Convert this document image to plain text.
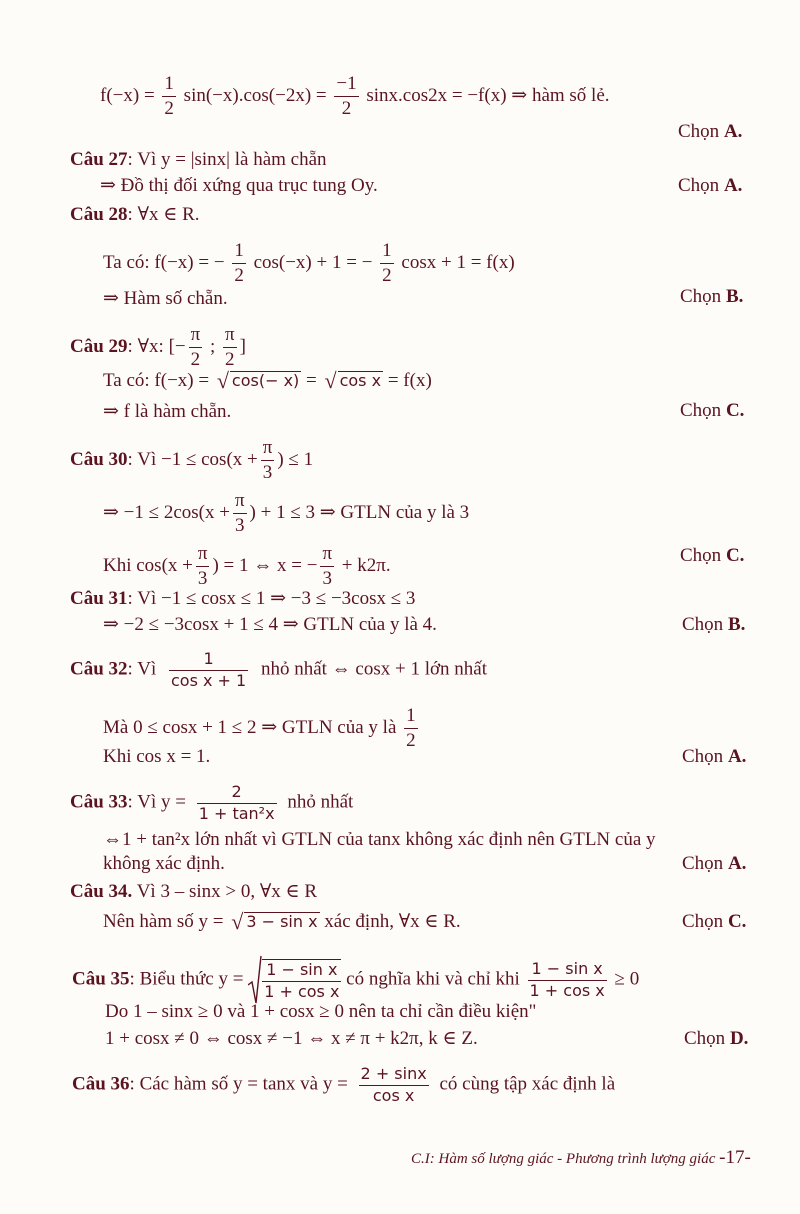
$f(-x) = \frac{1}{2} \sin(-x).\cos(-2x) = \frac{-1}{2} \sin x.\cos 2x = -f(x)$ ⇒ hàm số lẻ.
Chọn A.
Câu 27: Vì y = |sinx| là hàm chẵn
⇒ Đồ thị đối xứng qua trục tung Oy.	Chọn A.
Câu 28: ∀x ∈ R.
Ta có: f(−x) = − $\frac{1}{2} \cos(-x) + 1$ = − $\frac{1}{2}$ cosx + 1 = f(x)
⇒ Hàm số chẵn.	Chọn B.
Câu 29: ∀x: [− $\frac{\pi}{2}$ ; $\frac{\pi}{2}$ ]
Ta có: f(−x) = √ cos(− x) = √ cos x = f(x)
⇒ f là hàm chẵn.	Chọn C.
Câu 30: Vì $-1 \le \cos(x + \frac{\pi}{3}$ ) ≤ 1
⇒ $-1 \le 2\cos(x + \frac{\pi}{3}$ ) + 1 ≤ 3 ⇒ GTLN của y là 3
Khi $\cos(x + \frac{\pi}{3}$ ) = 1 ⇔ x = − $\frac{\pi}{3} + k2\pi$.	Chọn C.
Câu 31: Vì −1 ≤ cosx ≤ 1 ⇒ −3 ≤ −3cosx ≤ 3
⇒ −2 ≤ −3cosx + 1 ≤ 4 ⇒ GTLN của y là 4.	Chọn B.
Câu 32: Vì $\frac{1}{\text{cos x + 1}}$ nhỏ nhất ⇔ cosx + 1 lớn nhất
Mà 0 ≤ cosx + 1 ≤ 2 ⇒ GTLN của y là $\frac{1}{2}$
Khi cos x = 1.	Chọn A.
Câu 33: Vì $y = \frac{2}{\text{1 + tan²x}}$ nhỏ nhất
⇔1 + tan²x lớn nhất vì GTLN của tanx không xác định nên GTLN của y
không xác định.	Chọn A.
Câu 34. Vì 3 – sinx > 0, ∀x ∈ R
Nên hàm số y = √ 3 − sin x xác định, ∀x ∈ R.	Chọn C.
Câu 35: Biểu thức $y = \frac{\text{1 − sin x}}{\text{1 + cos x}}$ có nghĩa khi và chỉ khi $\frac{\text{1 − sin x}}{\text{1 + cos x}} \ge 0$
Do 1 – sinx ≥ 0 và 1 + cosx ≥ 0 nên ta chỉ cần điều kiện"
1 + cosx ≠ 0 ⇔ cosx ≠ −1 ⇔ x ≠ π + k2π, k ∈ Z.	Chọn D.
Câu 36: Các hàm số y = tanx và $y = \frac{2 + \sin x}{\text{cos x}}$ có cùng tập xác định là
C.I: Hàm số lượng giác - Phương trình lượng giác -17-
